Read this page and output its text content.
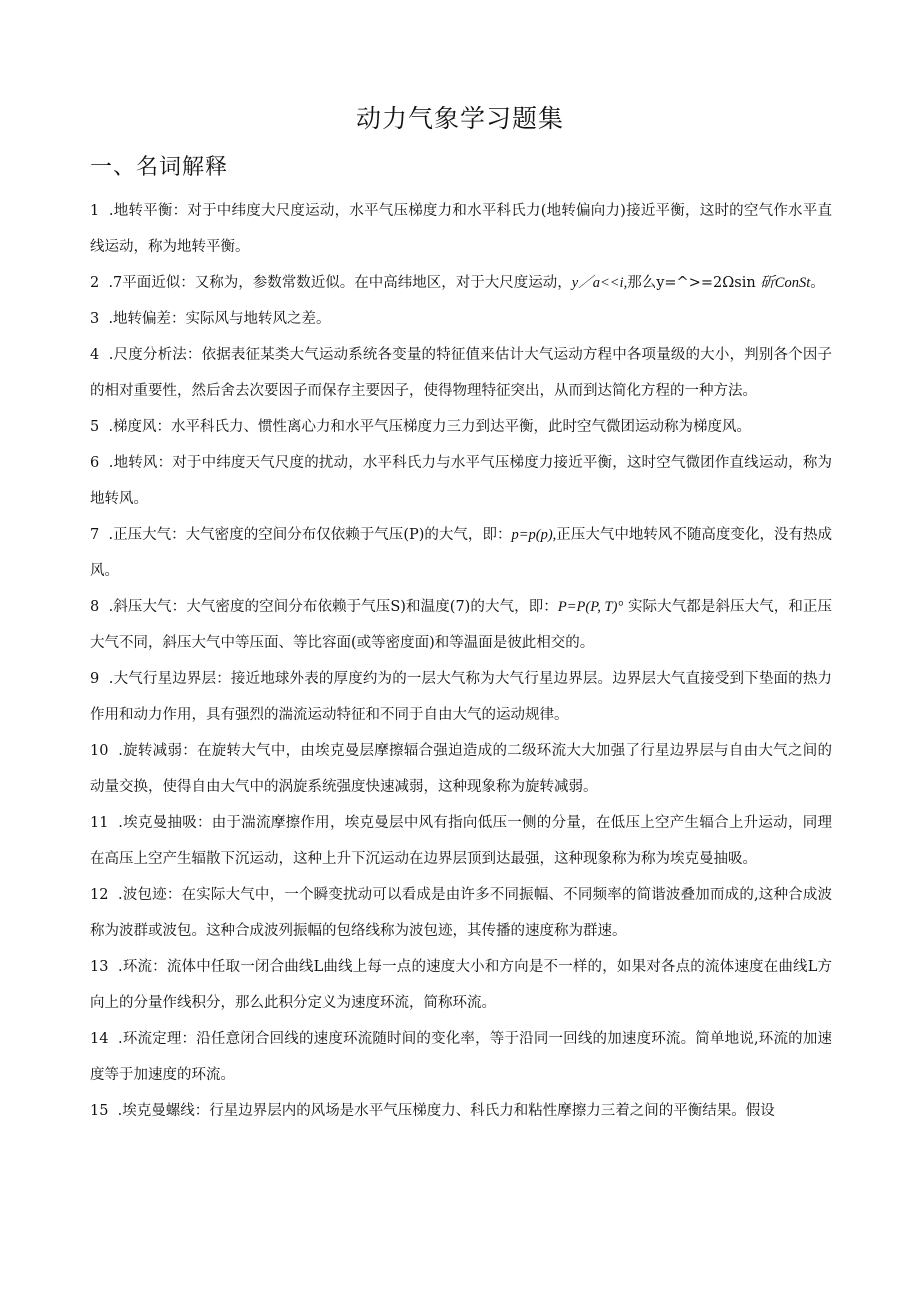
动力气象学习题集
一、名词解释

1 .地转平衡：对于中纬度大尺度运动，水平气压梯度力和水平科氏力(地转偏向力)接近平衡，这时的空气作水平直线运动，称为地转平衡。

2 .7平面近似：又称为，参数常数近似。在中高纬地区，对于大尺度运动，y／a<<i,那么y=^>=2Ωsin 斫ConSt。

3 .地转偏差：实际风与地转风之差。

4 .尺度分析法：依据表征某类大气运动系统各变量的特征值来估计大气运动方程中各项量级的大小，判别各个因子的相对重要性，然后舍去次要因子而保存主要因子，使得物理特征突出，从而到达简化方程的一种方法。

5 .梯度风：水平科氏力、惯性离心力和水平气压梯度力三力到达平衡，此时空气微团运动称为梯度风。

6 .地转风：对于中纬度天气尺度的扰动，水平科氏力与水平气压梯度力接近平衡，这时空气微团作直线运动，称为地转风。

7 .正压大气：大气密度的空间分布仅依赖于气压(P)的大气，即：p=p(p),正压大气中地转风不随高度变化，没有热成风。

8 .斜压大气：大气密度的空间分布依赖于气压S)和温度(7)的大气，即：P=P(P, T)° 实际大气都是斜压大气，和正压大气不同，斜压大气中等压面、等比容面(或等密度面)和等温面是彼此相交的。

9 .大气行星边界层：接近地球外表的厚度约为的一层大气称为大气行星边界层。边界层大气直接受到下垫面的热力作用和动力作用，具有强烈的湍流运动特征和不同于自由大气的运动规律。

10 .旋转减弱：在旋转大气中，由埃克曼层摩擦辐合强迫造成的二级环流大大加强了行星边界层与自由大气之间的动量交换，使得自由大气中的涡旋系统强度快速减弱，这种现象称为旋转减弱。

11 .埃克曼抽吸：由于湍流摩擦作用，埃克曼层中风有指向低压一侧的分量，在低压上空产生辐合上升运动，同理在高压上空产生辐散下沉运动，这种上升下沉运动在边界层顶到达最强，这种现象称为称为埃克曼抽吸。

12 .波包迹：在实际大气中，一个瞬变扰动可以看成是由许多不同振幅、不同频率的简谐波叠加而成的,这种合成波称为波群或波包。这种合成波列振幅的包络线称为波包迹，其传播的速度称为群速。

13 .环流：流体中任取一闭合曲线L曲线上每一点的速度大小和方向是不一样的，如果对各点的流体速度在曲线L方向上的分量作线积分，那么此积分定义为速度环流，简称环流。

14 .环流定理：沿任意闭合回线的速度环流随时间的变化率，等于沿同一回线的加速度环流。简单地说,环流的加速度等于加速度的环流。

15 .埃克曼螺线：行星边界层内的风场是水平气压梯度力、科氏力和粘性摩擦力三着之间的平衡结果。假设
